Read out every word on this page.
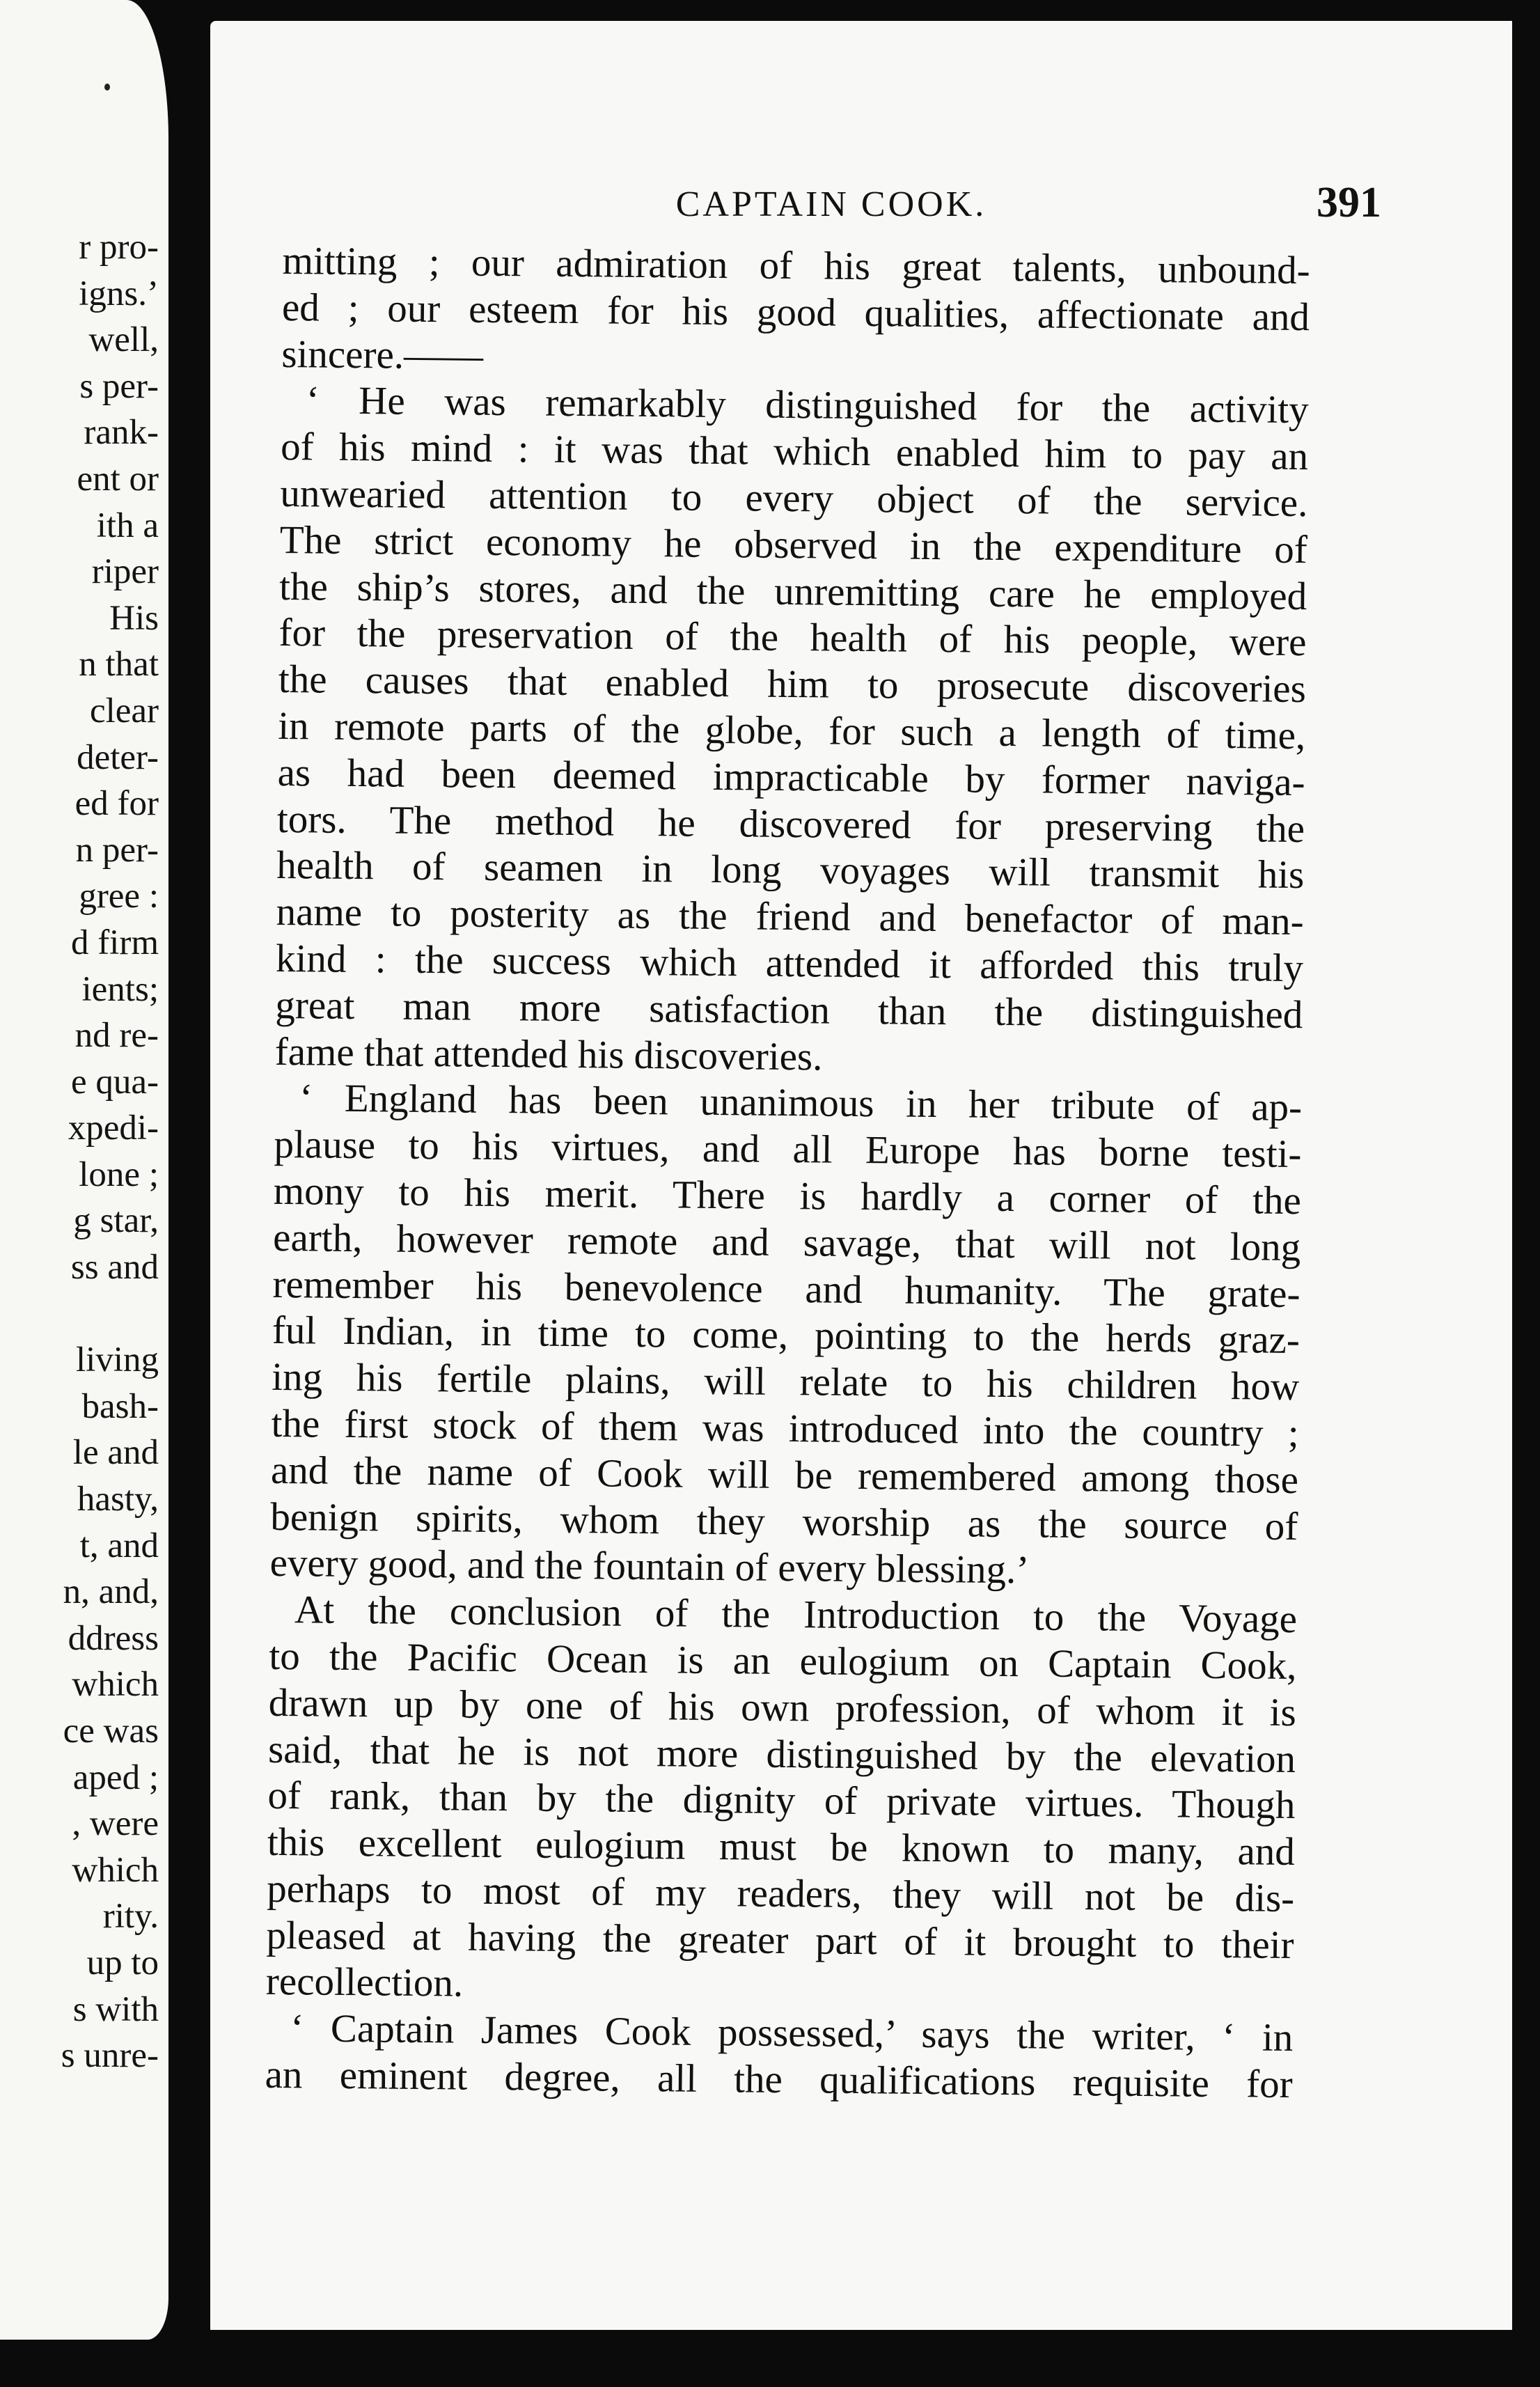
r pro-
igns.’
well,
s per-
rank-
ent or
ith a
riper
His
n that
clear
deter-
ed for
n per-
gree :
d firm
ients;
nd re-
e qua-
xpedi-
lone ;
g star,
ss and
living
bash-
le and
hasty,
t, and
n, and,
ddress
which
ce was
aped ;
, were
which
rity.
up to
s with
s unre-
CAPTAIN COOK.	391
mitting ; our admiration of his great talents, unbound-
ed ; our esteem for his good qualities, affectionate and
sincere.——
‘ He was remarkably distinguished for the activity
of his mind : it was that which enabled him to pay an
unwearied attention to every object of the service.
The strict economy he observed in the expenditure of
the ship’s stores, and the unremitting care he employed
for the preservation of the health of his people, were
the causes that enabled him to prosecute discoveries
in remote parts of the globe, for such a length of time,
as had been deemed impracticable by former naviga-
tors. The method he discovered for preserving the
health of seamen in long voyages will transmit his
name to posterity as the friend and benefactor of man-
kind : the success which attended it afforded this truly
great man more satisfaction than the distinguished
fame that attended his discoveries.
‘ England has been unanimous in her tribute of ap-
plause to his virtues, and all Europe has borne testi-
mony to his merit. There is hardly a corner of the
earth, however remote and savage, that will not long
remember his benevolence and humanity. The grate-
ful Indian, in time to come, pointing to the herds graz-
ing his fertile plains, will relate to his children how
the first stock of them was introduced into the country ;
and the name of Cook will be remembered among those
benign spirits, whom they worship as the source of
every good, and the fountain of every blessing.’
At the conclusion of the Introduction to the Voyage
to the Pacific Ocean is an eulogium on Captain Cook,
drawn up by one of his own profession, of whom it is
said, that he is not more distinguished by the elevation
of rank, than by the dignity of private virtues. Though
this excellent eulogium must be known to many, and
perhaps to most of my readers, they will not be dis-
pleased at having the greater part of it brought to their
recollection.
‘ Captain James Cook possessed,’ says the writer, ‘ in
an eminent degree, all the qualifications requisite for
